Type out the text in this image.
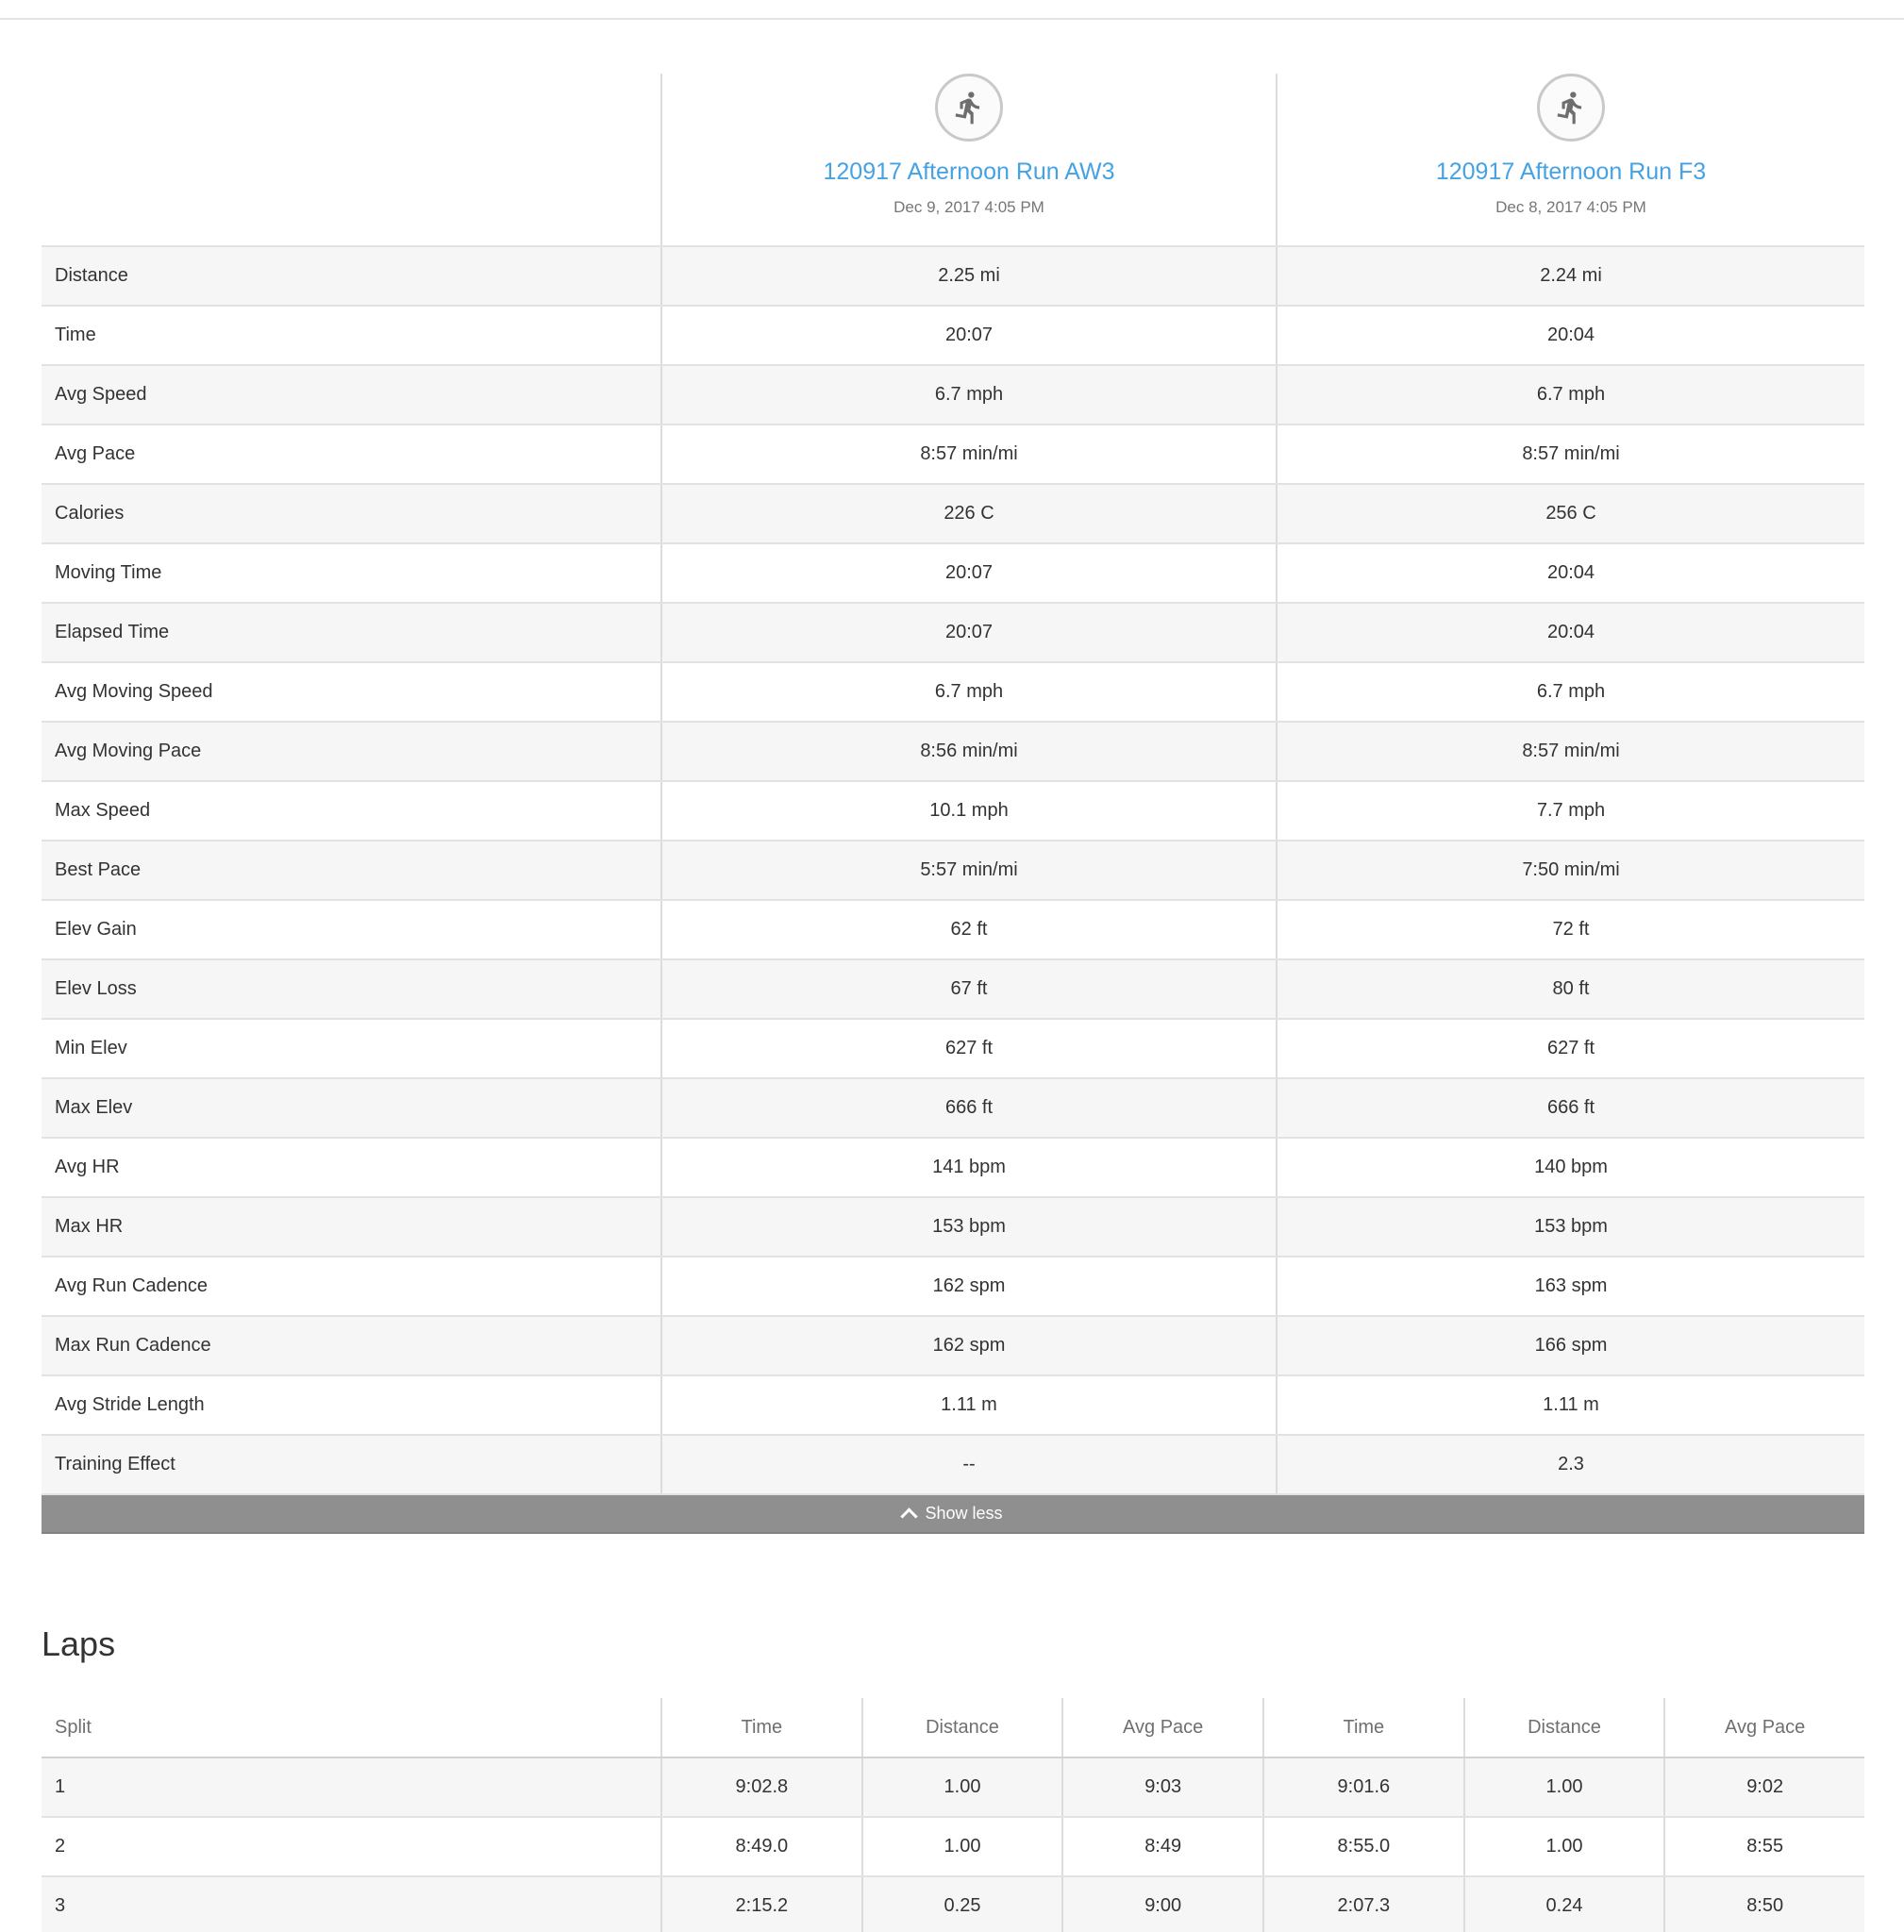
120917 Afternoon Run AW3
Dec 9, 2017 4:05 PM
120917 Afternoon Run F3
Dec 8, 2017 4:05 PM
Distance	2.25 mi	2.24 mi
Time	20:07	20:04
Avg Speed	6.7 mph	6.7 mph
Avg Pace	8:57 min/mi	8:57 min/mi
Calories	226 C	256 C
Moving Time	20:07	20:04
Elapsed Time	20:07	20:04
Avg Moving Speed	6.7 mph	6.7 mph
Avg Moving Pace	8:56 min/mi	8:57 min/mi
Max Speed	10.1 mph	7.7 mph
Best Pace	5:57 min/mi	7:50 min/mi
Elev Gain	62 ft	72 ft
Elev Loss	67 ft	80 ft
Min Elev	627 ft	627 ft
Max Elev	666 ft	666 ft
Avg HR	141 bpm	140 bpm
Max HR	153 bpm	153 bpm
Avg Run Cadence	162 spm	163 spm
Max Run Cadence	162 spm	166 spm
Avg Stride Length	1.11 m	1.11 m
Training Effect	--	2.3
Show less
Laps
Split	Time	Distance	Avg Pace	Time	Distance	Avg Pace
1	9:02.8	1.00	9:03	9:01.6	1.00	9:02
2	8:49.0	1.00	8:49	8:55.0	1.00	8:55
3	2:15.2	0.25	9:00	2:07.3	0.24	8:50
